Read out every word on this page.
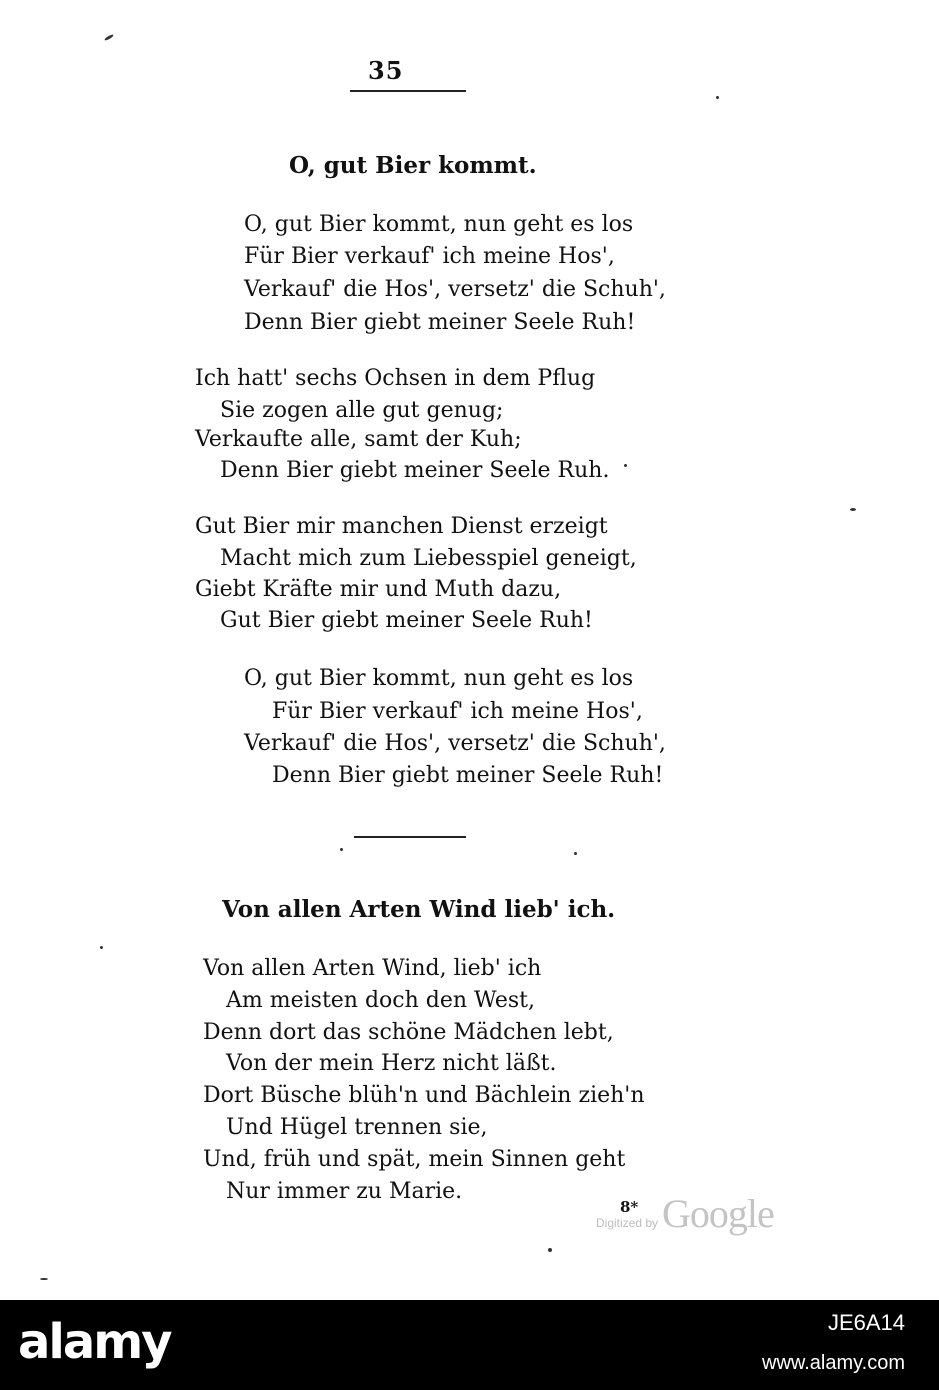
35
O, gut Bier kommt.
O, gut Bier kommt, nun geht es los
Für Bier verkauf' ich meine Hos',
Verkauf' die Hos', versetz' die Schuh',
Denn Bier giebt meiner Seele Ruh!
Ich hatt' sechs Ochsen in dem Pflug
Sie zogen alle gut genug;
Verkaufte alle, samt der Kuh;
Denn Bier giebt meiner Seele Ruh.
Gut Bier mir manchen Dienst erzeigt
Macht mich zum Liebesspiel geneigt,
Giebt Kräfte mir und Muth dazu,
Gut Bier giebt meiner Seele Ruh!
O, gut Bier kommt, nun geht es los
Für Bier verkauf' ich meine Hos',
Verkauf' die Hos', versetz' die Schuh',
Denn Bier giebt meiner Seele Ruh!
Von allen Arten Wind lieb' ich.
Von allen Arten Wind, lieb' ich
Am meisten doch den West,
Denn dort das schöne Mädchen lebt,
Von der mein Herz nicht läßt.
Dort Büsche blüh'n und Bächlein zieh'n
Und Hügel trennen sie,
Und, früh und spät, mein Sinnen geht
Nur immer zu Marie.
8*
Digitized by Google
alamy	JE6A14
www.alamy.com
